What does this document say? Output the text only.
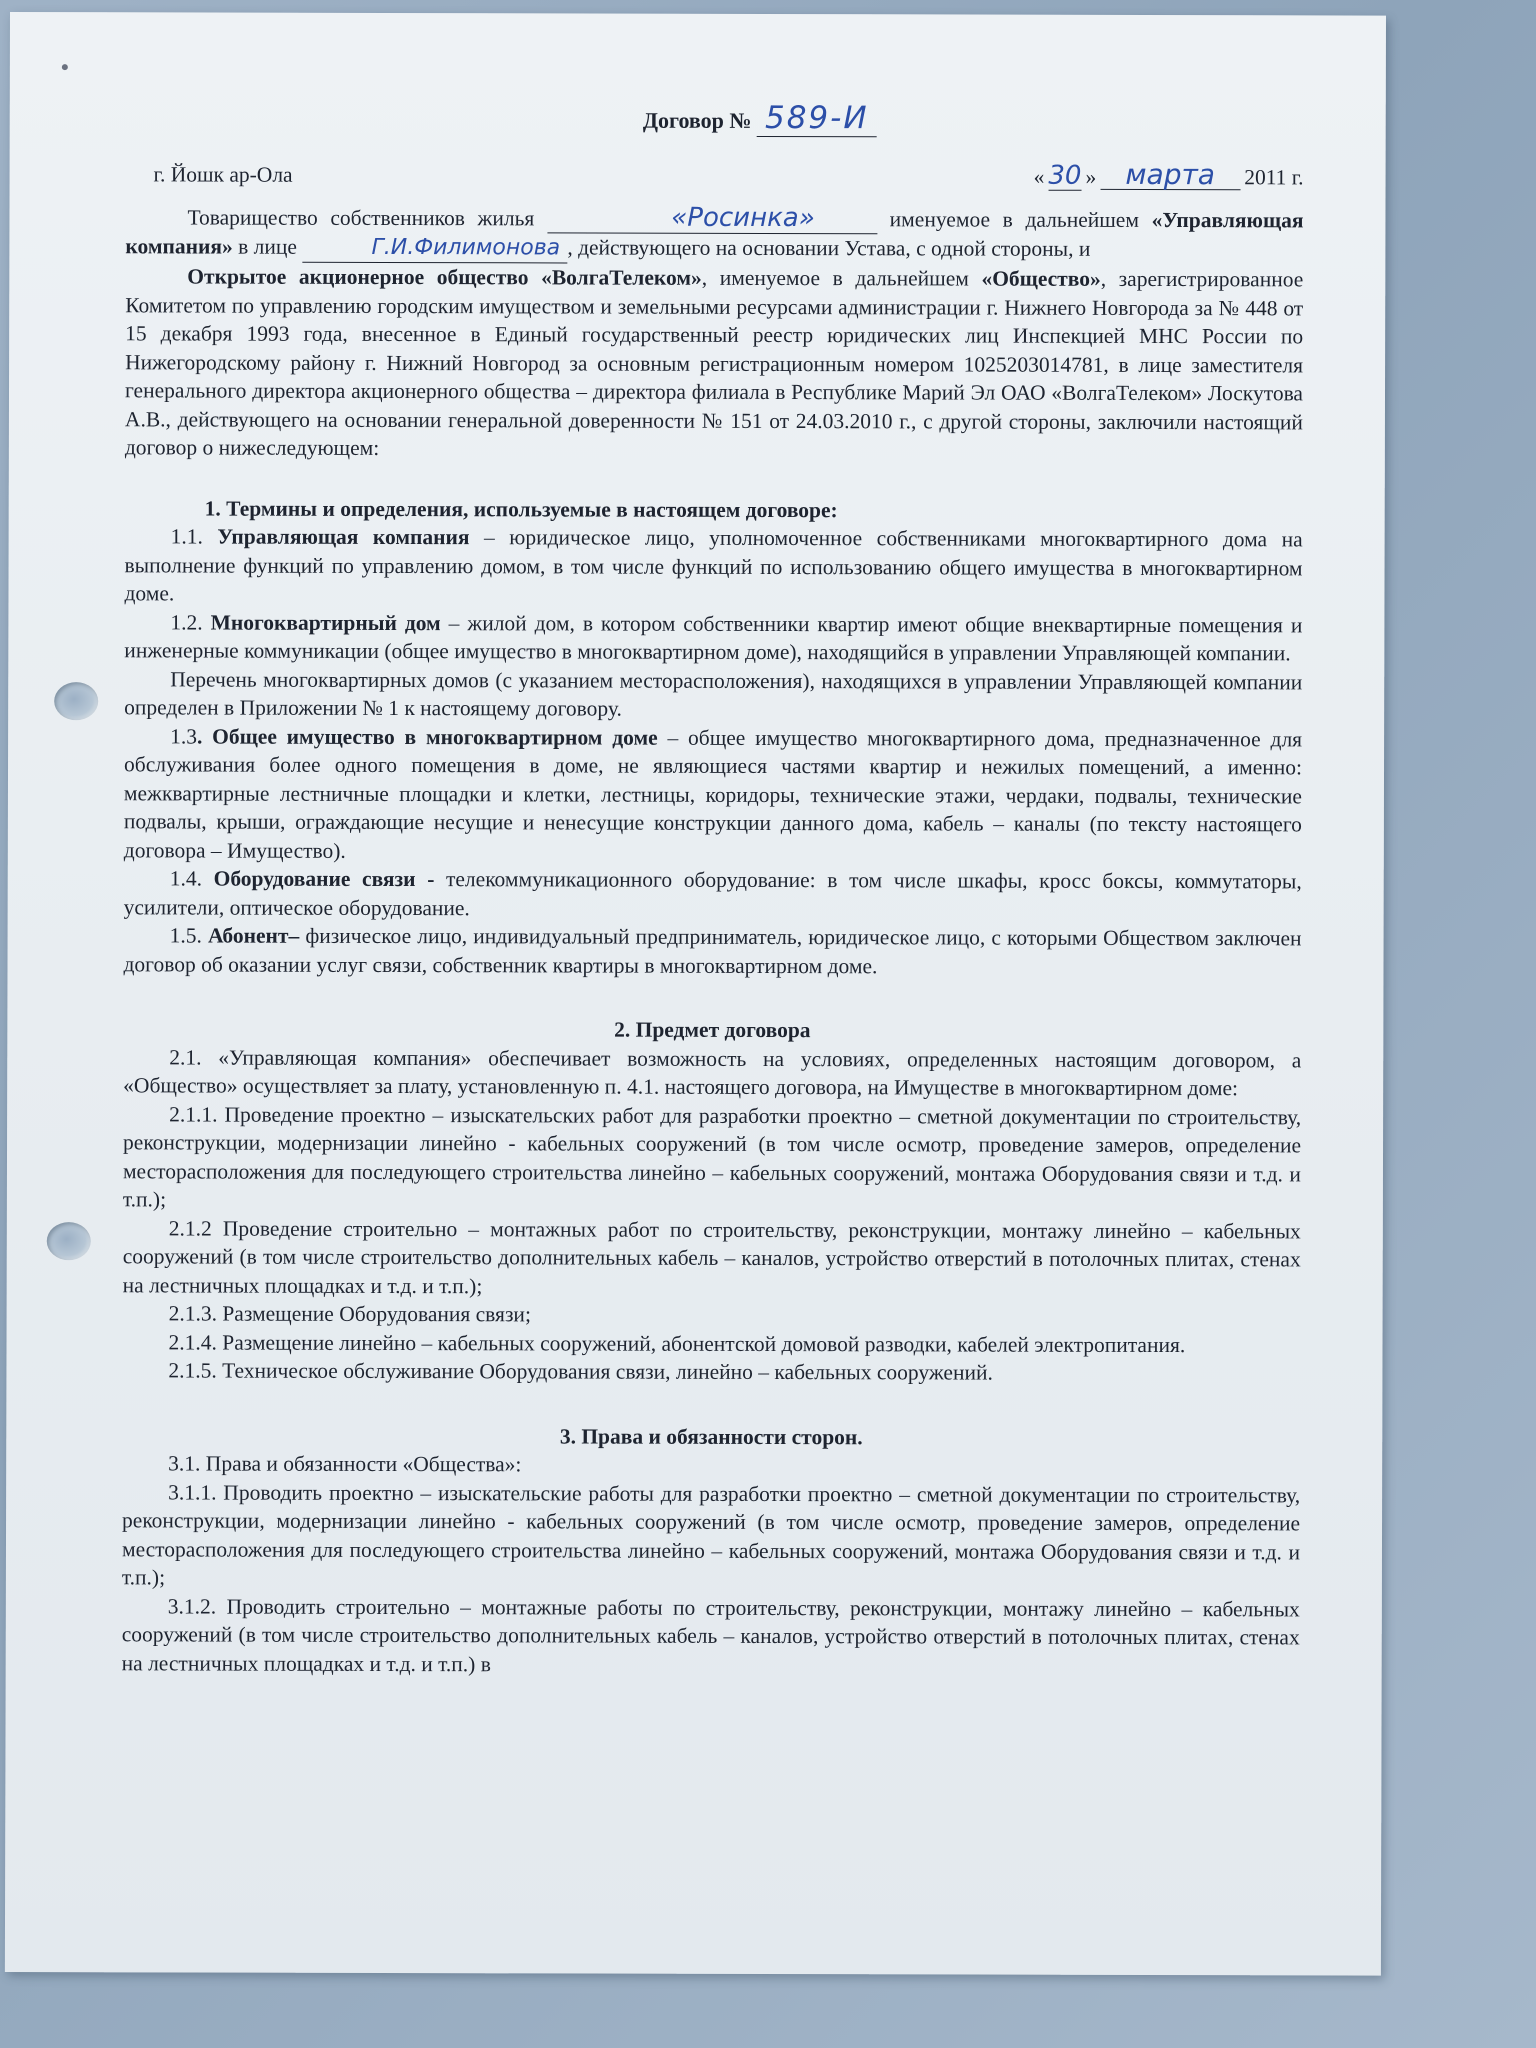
Договор № 589-И
г. Йошк ар-Ола	« 30 »	марта	2011 г.

Товарищество собственников жилья	«Росинка»	именуемое в дальнейшем «Управляющая компания» в лице	Г.И.Филимонова , действующего на основании Устава, с одной стороны, и

Открытое акционерное общество «ВолгаТелеком», именуемое в дальнейшем «Общество», зарегистрированное Комитетом по управлению городским имуществом и земельными ресурсами администрации г. Нижнего Новгорода за № 448 от 15 декабря 1993 года, внесенное в Единый государственный реестр юридических лиц Инспекцией МНС России по Нижегородскому району г. Нижний Новгород за основным регистрационным номером 1025203014781, в лице заместителя генерального директора акционерного общества – директора филиала в Республике Марий Эл ОАО «ВолгаТелеком» Лоскутова А.В., действующего на основании генеральной доверенности № 151 от 24.03.2010 г., с другой стороны, заключили настоящий договор о нижеследующем:

1. Термины и определения, используемые в настоящем договоре:

1.1. Управляющая компания – юридическое лицо, уполномоченное собственниками многоквартирного дома на выполнение функций по управлению домом, в том числе функций по использованию общего имущества в многоквартирном доме.

1.2. Многоквартирный дом – жилой дом, в котором собственники квартир имеют общие внеквартирные помещения и инженерные коммуникации (общее имущество в многоквартирном доме), находящийся в управлении Управляющей компании.

Перечень многоквартирных домов (с указанием месторасположения), находящихся в управлении Управляющей компании определен в Приложении № 1 к настоящему договору.

1.3. Общее имущество в многоквартирном доме – общее имущество многоквартирного дома, предназначенное для обслуживания более одного помещения в доме, не являющиеся частями квартир и нежилых помещений, а именно: межквартирные лестничные площадки и клетки, лестницы, коридоры, технические этажи, чердаки, подвалы, технические подвалы, крыши, ограждающие несущие и ненесущие конструкции данного дома, кабель – каналы (по тексту настоящего договора – Имущество).

1.4. Оборудование связи - телекоммуникационного оборудование: в том числе шкафы, кросс боксы, коммутаторы, усилители, оптическое оборудование.

1.5. Абонент– физическое лицо, индивидуальный предприниматель, юридическое лицо, с которыми Обществом заключен договор об оказании услуг связи, собственник квартиры в многоквартирном доме.

2. Предмет договора

2.1. «Управляющая компания» обеспечивает возможность на условиях, определенных настоящим договором, а «Общество» осуществляет за плату, установленную п. 4.1. настоящего договора, на Имуществе в многоквартирном доме:

2.1.1. Проведение проектно – изыскательских работ для разработки проектно – сметной документации по строительству, реконструкции, модернизации линейно - кабельных сооружений (в том числе осмотр, проведение замеров, определение месторасположения для последующего строительства линейно – кабельных сооружений, монтажа Оборудования связи и т.д. и т.п.);

2.1.2 Проведение строительно – монтажных работ по строительству, реконструкции, монтажу линейно – кабельных сооружений (в том числе строительство дополнительных кабель – каналов, устройство отверстий в потолочных плитах, стенах на лестничных площадках и т.д. и т.п.);

2.1.3. Размещение Оборудования связи;

2.1.4. Размещение линейно – кабельных сооружений, абонентской домовой разводки, кабелей электропитания.

2.1.5. Техническое обслуживание Оборудования связи, линейно – кабельных сооружений.

3. Права и обязанности сторон.

3.1. Права и обязанности «Общества»:

3.1.1. Проводить проектно – изыскательские работы для разработки проектно – сметной документации по строительству, реконструкции, модернизации линейно - кабельных сооружений (в том числе осмотр, проведение замеров, определение месторасположения для последующего строительства линейно – кабельных сооружений, монтажа Оборудования связи и т.д. и т.п.);

3.1.2. Проводить строительно – монтажные работы по строительству, реконструкции, монтажу линейно – кабельных сооружений (в том числе строительство дополнительных кабель – каналов, устройство отверстий в потолочных плитах, стенах на лестничных площадках и т.д. и т.п.) в
